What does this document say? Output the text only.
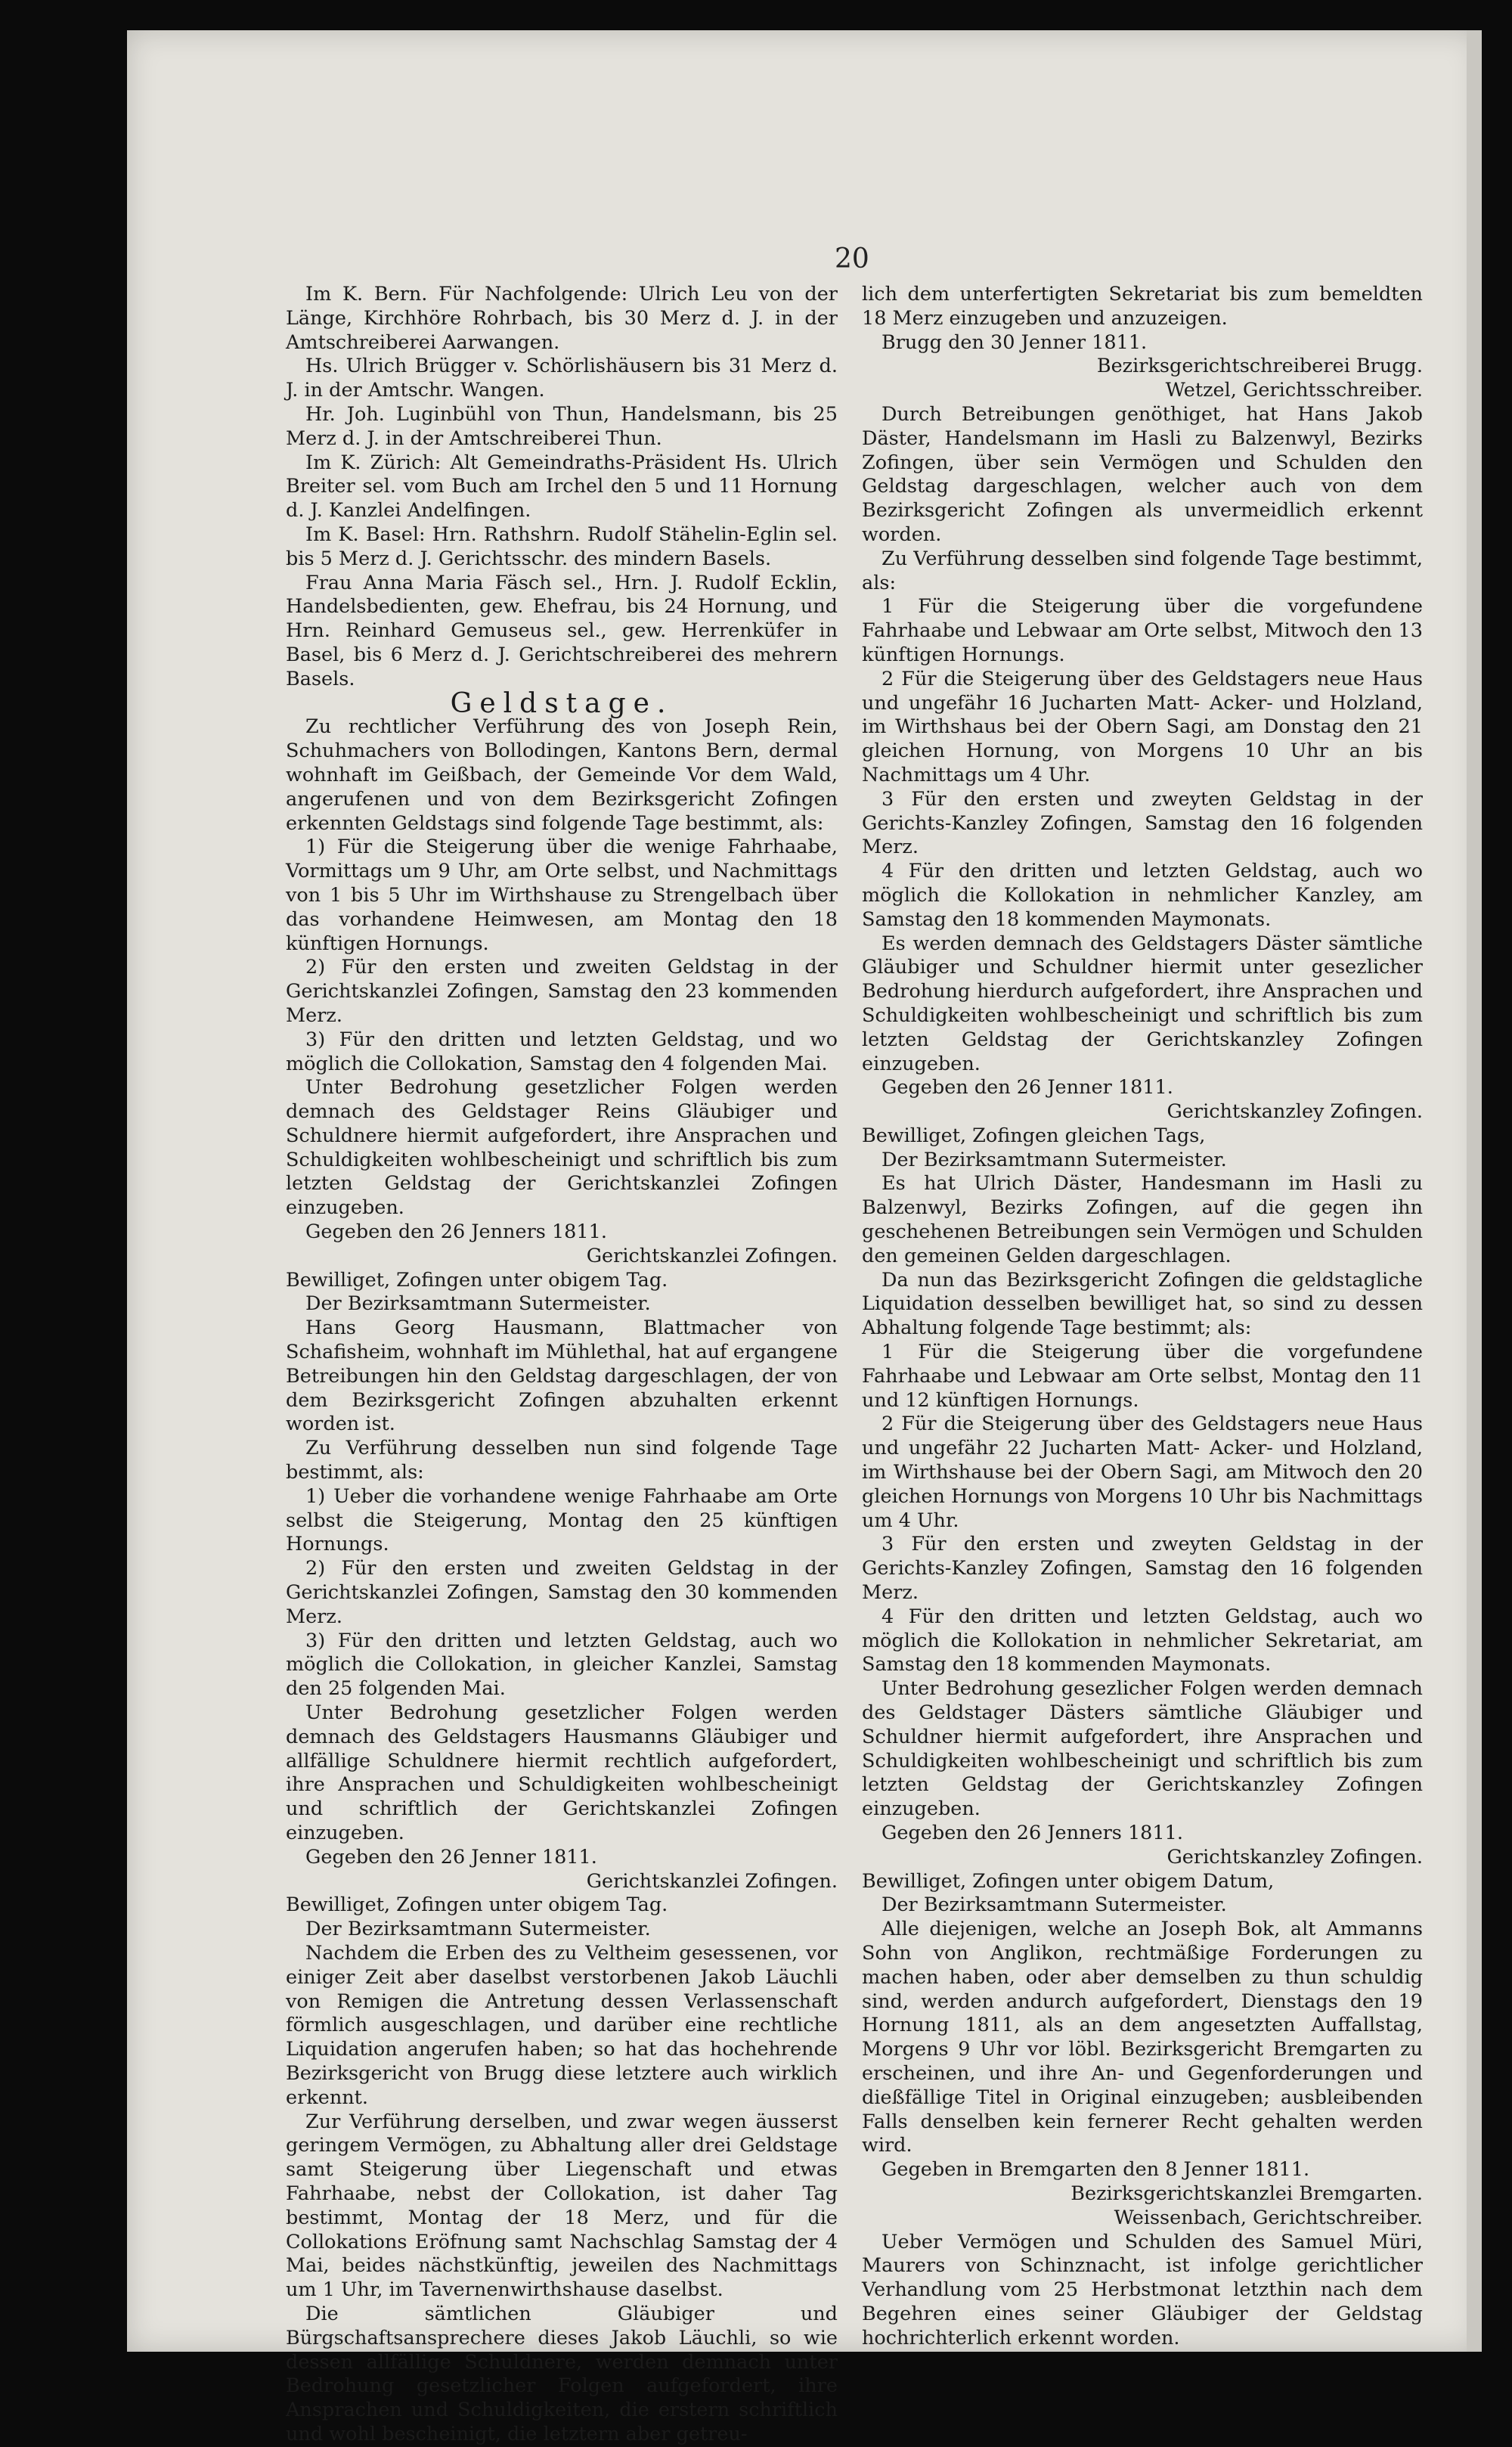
20

Im K. Bern. Für Nachfolgende: Ulrich Leu von der Länge, Kirchhöre Rohrbach, bis 30 Merz d. J. in der Amtschreiberei Aarwangen.

Hs. Ulrich Brügger v. Schörlishäusern bis 31 Merz d. J. in der Amtschr. Wangen.

Hr. Joh. Luginbühl von Thun, Handelsmann, bis 25 Merz d. J. in der Amtschreiberei Thun.

Im K. Zürich: Alt Gemeindraths-Präsident Hs. Ulrich Breiter sel. vom Buch am Irchel den 5 und 11 Hornung d. J. Kanzlei Andelfingen.

Im K. Basel: Hrn. Rathshrn. Rudolf Stähelin-Eglin sel. bis 5 Merz d. J. Gerichtsschr. des mindern Basels.

Frau Anna Maria Fäsch sel., Hrn. J. Rudolf Ecklin, Handelsbedienten, gew. Ehefrau, bis 24 Hornung, und Hrn. Reinhard Gemuseus sel., gew. Herrenküfer in Basel, bis 6 Merz d. J. Gerichtschreiberei des mehrern Basels.

Geldstage.

Zu rechtlicher Verführung des von Joseph Rein, Schuhmachers von Bollodingen, Kantons Bern, dermal wohnhaft im Geißbach, der Gemeinde Vor dem Wald, angerufenen und von dem Bezirksgericht Zofingen erkennten Geldstags sind folgende Tage bestimmt, als:

1) Für die Steigerung über die wenige Fahrhaabe, Vormittags um 9 Uhr, am Orte selbst, und Nachmittags von 1 bis 5 Uhr im Wirthshause zu Strengelbach über das vorhandene Heimwesen, am Montag den 18 künftigen Hornungs.

2) Für den ersten und zweiten Geldstag in der Gerichtskanzlei Zofingen, Samstag den 23 kommenden Merz.

3) Für den dritten und letzten Geldstag, und wo möglich die Collokation, Samstag den 4 folgenden Mai.

Unter Bedrohung gesetzlicher Folgen werden demnach des Geldstager Reins Gläubiger und Schuldnere hiermit aufgefordert, ihre Ansprachen und Schuldigkeiten wohlbescheinigt und schriftlich bis zum letzten Geldstag der Gerichtskanzlei Zofingen einzugeben.

Gegeben den 26 Jenners 1811.

Gerichtskanzlei Zofingen.

Bewilliget, Zofingen unter obigem Tag.

Der Bezirksamtmann Sutermeister.

Hans Georg Hausmann, Blattmacher von Schafisheim, wohnhaft im Mühlethal, hat auf ergangene Betreibungen hin den Geldstag dargeschlagen, der von dem Bezirksgericht Zofingen abzuhalten erkennt worden ist.

Zu Verführung desselben nun sind folgende Tage bestimmt, als:

1) Ueber die vorhandene wenige Fahrhaabe am Orte selbst die Steigerung, Montag den 25 künftigen Hornungs.

2) Für den ersten und zweiten Geldstag in der Gerichtskanzlei Zofingen, Samstag den 30 kommenden Merz.

3) Für den dritten und letzten Geldstag, auch wo möglich die Collokation, in gleicher Kanzlei, Samstag den 25 folgenden Mai.

Unter Bedrohung gesetzlicher Folgen werden demnach des Geldstagers Hausmanns Gläubiger und allfällige Schuldnere hiermit rechtlich aufgefordert, ihre Ansprachen und Schuldigkeiten wohlbescheinigt und schriftlich der Gerichtskanzlei Zofingen einzugeben.

Gegeben den 26 Jenner 1811.

Gerichtskanzlei Zofingen.

Bewilliget, Zofingen unter obigem Tag.

Der Bezirksamtmann Sutermeister.

Nachdem die Erben des zu Veltheim gesessenen, vor einiger Zeit aber daselbst verstorbenen Jakob Läuchli von Remigen die Antretung dessen Verlassenschaft förmlich ausgeschlagen, und darüber eine rechtliche Liquidation angerufen haben; so hat das hochehrende Bezirksgericht von Brugg diese letztere auch wirklich erkennt.

Zur Verführung derselben, und zwar wegen äusserst geringem Vermögen, zu Abhaltung aller drei Geldstage samt Steigerung über Liegenschaft und etwas Fahrhaabe, nebst der Collokation, ist daher Tag bestimmt, Montag der 18 Merz, und für die Collokations Eröfnung samt Nachschlag Samstag der 4 Mai, beides nächstkünftig, jeweilen des Nachmittags um 1 Uhr, im Tavernenwirthshause daselbst.

Die sämtlichen Gläubiger und Bürgschaftsansprechere dieses Jakob Läuchli, so wie dessen allfällige Schuldnere, werden demnach unter Bedrohung gesetzlicher Folgen aufgefordert, ihre Ansprachen und Schuldigkeiten, die erstern schriftlich und wohl bescheinigt, die letztern aber getreu-

lich dem unterfertigten Sekretariat bis zum bemeldten 18 Merz einzugeben und anzuzeigen.

Brugg den 30 Jenner 1811.

Bezirksgerichtschreiberei Brugg.

Wetzel, Gerichtsschreiber.

Durch Betreibungen genöthiget, hat Hans Jakob Däster, Handelsmann im Hasli zu Balzenwyl, Bezirks Zofingen, über sein Vermögen und Schulden den Geldstag dargeschlagen, welcher auch von dem Bezirksgericht Zofingen als unvermeidlich erkennt worden.

Zu Verführung desselben sind folgende Tage bestimmt, als:

1 Für die Steigerung über die vorgefundene Fahrhaabe und Lebwaar am Orte selbst, Mitwoch den 13 künftigen Hornungs.

2 Für die Steigerung über des Geldstagers neue Haus und ungefähr 16 Jucharten Matt- Acker- und Holzland, im Wirthshaus bei der Obern Sagi, am Donstag den 21 gleichen Hornung, von Morgens 10 Uhr an bis Nachmittags um 4 Uhr.

3 Für den ersten und zweyten Geldstag in der Gerichts-Kanzley Zofingen, Samstag den 16 folgenden Merz.

4 Für den dritten und letzten Geldstag, auch wo möglich die Kollokation in nehmlicher Kanzley, am Samstag den 18 kommenden Maymonats.

Es werden demnach des Geldstagers Däster sämtliche Gläubiger und Schuldner hiermit unter gesezlicher Bedrohung hierdurch aufgefordert, ihre Ansprachen und Schuldigkeiten wohlbescheinigt und schriftlich bis zum letzten Geldstag der Gerichtskanzley Zofingen einzugeben.

Gegeben den 26 Jenner 1811.

Gerichtskanzley Zofingen.

Bewilliget, Zofingen gleichen Tags,

Der Bezirksamtmann Sutermeister.

Es hat Ulrich Däster, Handesmann im Hasli zu Balzenwyl, Bezirks Zofingen, auf die gegen ihn geschehenen Betreibungen sein Vermögen und Schulden den gemeinen Gelden dargeschlagen.

Da nun das Bezirksgericht Zofingen die geldstagliche Liquidation desselben bewilliget hat, so sind zu dessen Abhaltung folgende Tage bestimmt; als:

1 Für die Steigerung über die vorgefundene Fahrhaabe und Lebwaar am Orte selbst, Montag den 11 und 12 künftigen Hornungs.

2 Für die Steigerung über des Geldstagers neue Haus und ungefähr 22 Jucharten Matt- Acker- und Holzland, im Wirthshause bei der Obern Sagi, am Mitwoch den 20 gleichen Hornungs von Morgens 10 Uhr bis Nachmittags um 4 Uhr.

3 Für den ersten und zweyten Geldstag in der Gerichts-Kanzley Zofingen, Samstag den 16 folgenden Merz.

4 Für den dritten und letzten Geldstag, auch wo möglich die Kollokation in nehmlicher Sekretariat, am Samstag den 18 kommenden Maymonats.

Unter Bedrohung gesezlicher Folgen werden demnach des Geldstager Dästers sämtliche Gläubiger und Schuldner hiermit aufgefordert, ihre Ansprachen und Schuldigkeiten wohlbescheinigt und schriftlich bis zum letzten Geldstag der Gerichtskanzley Zofingen einzugeben.

Gegeben den 26 Jenners 1811.

Gerichtskanzley Zofingen.

Bewilliget, Zofingen unter obigem Datum,

Der Bezirksamtmann Sutermeister.

Alle diejenigen, welche an Joseph Bok, alt Ammanns Sohn von Anglikon, rechtmäßige Forderungen zu machen haben, oder aber demselben zu thun schuldig sind, werden andurch aufgefordert, Dienstags den 19 Hornung 1811, als an dem angesetzten Auffallstag, Morgens 9 Uhr vor löbl. Bezirksgericht Bremgarten zu erscheinen, und ihre An- und Gegenforderungen und dießfällige Titel in Original einzugeben; ausbleibenden Falls denselben kein fernerer Recht gehalten werden wird.

Gegeben in Bremgarten den 8 Jenner 1811.

Bezirksgerichtskanzlei Bremgarten.

Weissenbach, Gerichtschreiber.

Ueber Vermögen und Schulden des Samuel Müri, Maurers von Schinznacht, ist infolge gerichtlicher Verhandlung vom 25 Herbstmonat letzthin nach dem Begehren eines seiner Gläubiger der Geldstag hochrichterlich erkennt worden.
